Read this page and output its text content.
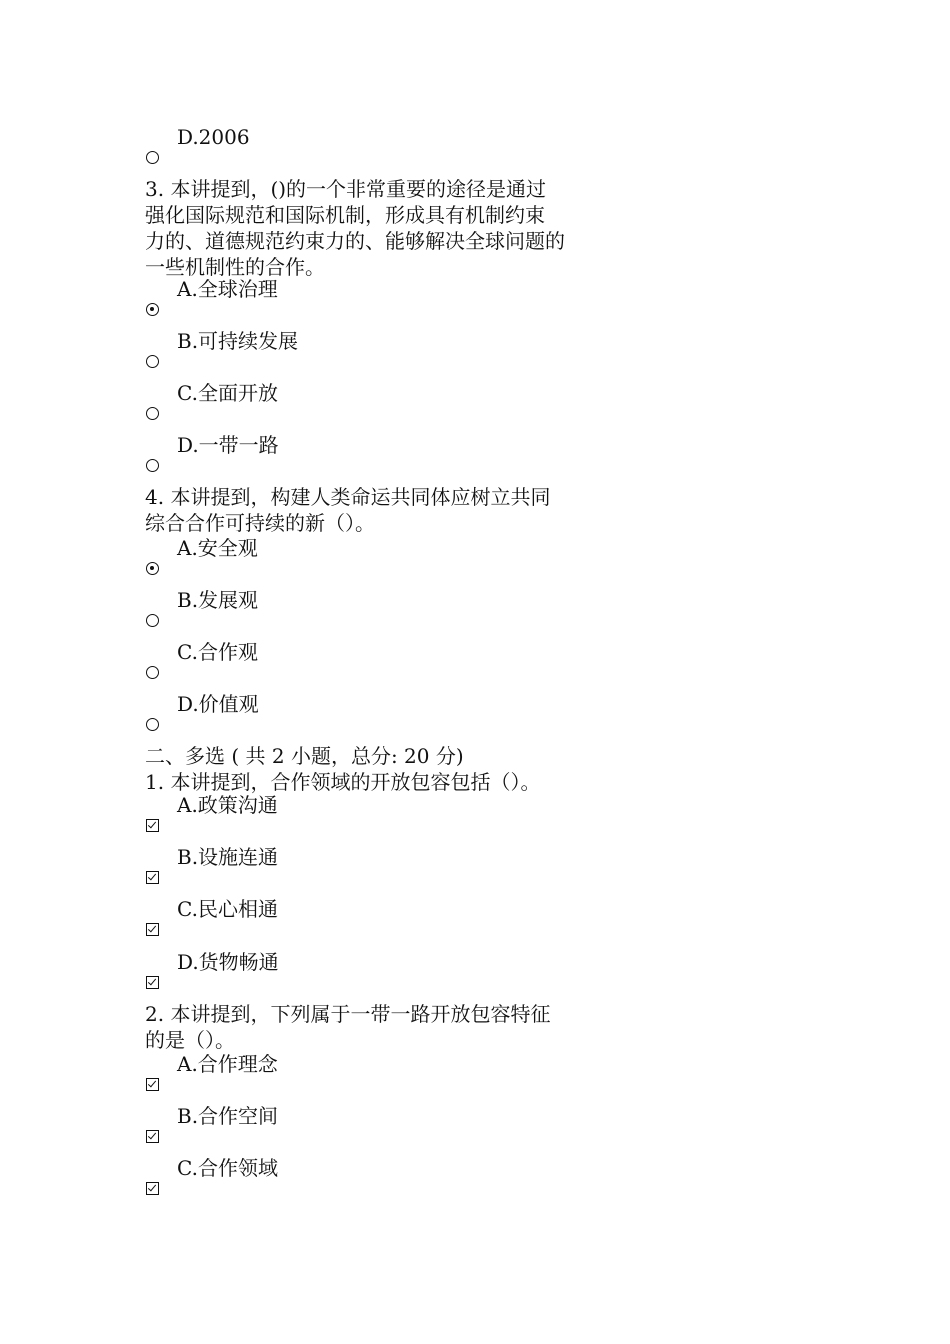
D.2006

3. 本讲提到，()的一个非常重要的途径是通过

强化国际规范和国际机制，形成具有机制约束

力的、道德规范约束力的、能够解决全球问题的

一些机制性的合作。

A.全球治理

B.可持续发展

C.全面开放

D.一带一路

4. 本讲提到，构建人类命运共同体应树立共同

综合合作可持续的新（）。

A.安全观

B.发展观

C.合作观

D.价值观

二、多选 ( 共 2 小题，总分: 20 分)

1. 本讲提到，合作领域的开放包容包括（）。

A.政策沟通

B.设施连通

C.民心相通

D.货物畅通

2. 本讲提到，下列属于一带一路开放包容特征

的是（）。

A.合作理念

B.合作空间

C.合作领域
